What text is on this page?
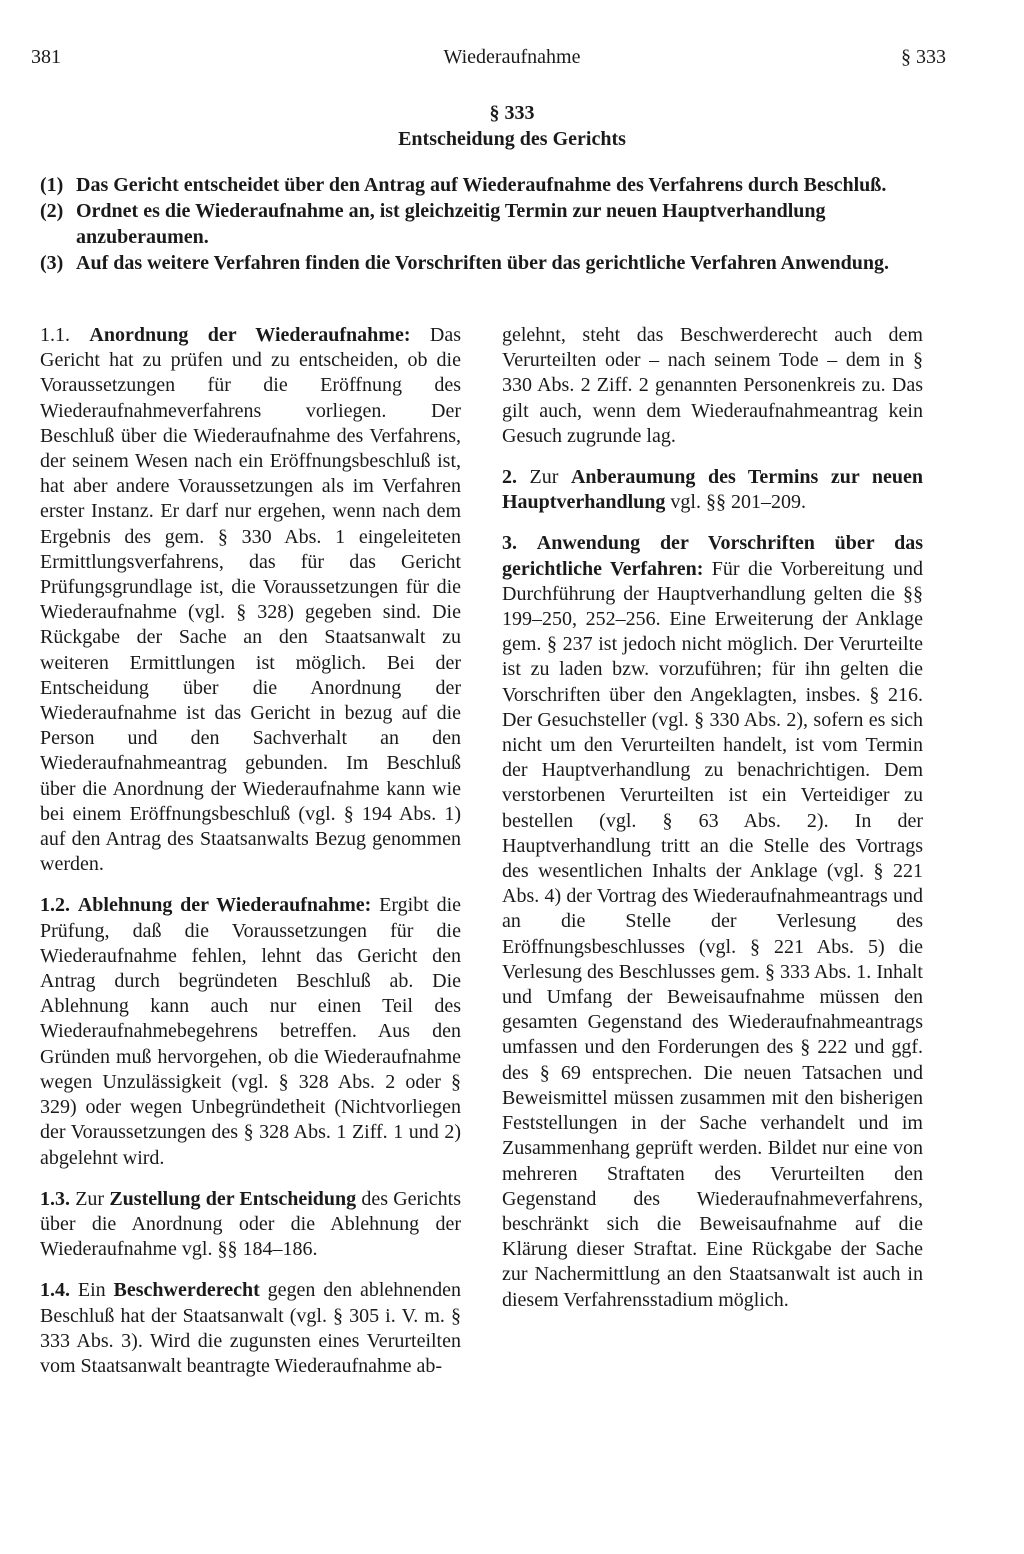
381	Wiederaufnahme	§ 333
§ 333
Entscheidung des Gerichts

(1) Das Gericht entscheidet über den Antrag auf Wiederaufnahme des Verfahrens durch Beschluß.

(2) Ordnet es die Wiederaufnahme an, ist gleichzeitig Termin zur neuen Hauptverhandlung anzuberaumen.

(3) Auf das weitere Verfahren finden die Vorschriften über das gerichtliche Verfahren Anwendung.

1.1. Anordnung der Wiederaufnahme: Das Gericht hat zu prüfen und zu entscheiden, ob die Voraussetzungen für die Eröffnung des Wiederaufnahmeverfahrens vorliegen. Der Beschluß über die Wiederaufnahme des Verfahrens, der seinem Wesen nach ein Eröffnungsbeschluß ist, hat aber andere Voraussetzungen als im Verfahren erster Instanz. Er darf nur ergehen, wenn nach dem Ergebnis des gem. § 330 Abs. 1 eingeleiteten Ermittlungsverfahrens, das für das Gericht Prüfungsgrundlage ist, die Voraussetzungen für die Wiederaufnahme (vgl. § 328) gegeben sind. Die Rückgabe der Sache an den Staatsanwalt zu weiteren Ermittlungen ist möglich. Bei der Entscheidung über die Anordnung der Wiederaufnahme ist das Gericht in bezug auf die Person und den Sachverhalt an den Wiederaufnahmeantrag gebunden. Im Beschluß über die Anordnung der Wiederaufnahme kann wie bei einem Eröffnungsbeschluß (vgl. § 194 Abs. 1) auf den Antrag des Staatsanwalts Bezug genommen werden.

1.2. Ablehnung der Wiederaufnahme: Ergibt die Prüfung, daß die Voraussetzungen für die Wiederaufnahme fehlen, lehnt das Gericht den Antrag durch begründeten Beschluß ab. Die Ablehnung kann auch nur einen Teil des Wiederaufnahmebegehrens betreffen. Aus den Gründen muß hervorgehen, ob die Wiederaufnahme wegen Unzulässigkeit (vgl. § 328 Abs. 2 oder § 329) oder wegen Unbegründetheit (Nichtvorliegen der Voraussetzungen des § 328 Abs. 1 Ziff. 1 und 2) abgelehnt wird.

1.3. Zur Zustellung der Entscheidung des Gerichts über die Anordnung oder die Ablehnung der Wiederaufnahme vgl. §§ 184–186.

1.4. Ein Beschwerderecht gegen den ablehnenden Beschluß hat der Staatsanwalt (vgl. § 305 i. V. m. § 333 Abs. 3). Wird die zugunsten eines Verurteilten vom Staatsanwalt beantragte Wiederaufnahme ab-

gelehnt, steht das Beschwerderecht auch dem Verurteilten oder – nach seinem Tode – dem in § 330 Abs. 2 Ziff. 2 genannten Personenkreis zu. Das gilt auch, wenn dem Wiederaufnahmeantrag kein Gesuch zugrunde lag.

2. Zur Anberaumung des Termins zur neuen Hauptverhandlung vgl. §§ 201–209.

3. Anwendung der Vorschriften über das gerichtliche Verfahren: Für die Vorbereitung und Durchführung der Hauptverhandlung gelten die §§ 199–250, 252–256. Eine Erweiterung der Anklage gem. § 237 ist jedoch nicht möglich. Der Verurteilte ist zu laden bzw. vorzuführen; für ihn gelten die Vorschriften über den Angeklagten, insbes. § 216. Der Gesuchsteller (vgl. § 330 Abs. 2), sofern es sich nicht um den Verurteilten handelt, ist vom Termin der Hauptverhandlung zu benachrichtigen. Dem verstorbenen Verurteilten ist ein Verteidiger zu bestellen (vgl. § 63 Abs. 2). In der Hauptverhandlung tritt an die Stelle des Vortrags des wesentlichen Inhalts der Anklage (vgl. § 221 Abs. 4) der Vortrag des Wiederaufnahmeantrags und an die Stelle der Verlesung des Eröffnungsbeschlusses (vgl. § 221 Abs. 5) die Verlesung des Beschlusses gem. § 333 Abs. 1. Inhalt und Umfang der Beweisaufnahme müssen den gesamten Gegenstand des Wiederaufnahmeantrags umfassen und den Forderungen des § 222 und ggf. des § 69 entsprechen. Die neuen Tatsachen und Beweismittel müssen zusammen mit den bisherigen Feststellungen in der Sache verhandelt und im Zusammenhang geprüft werden. Bildet nur eine von mehreren Straftaten des Verurteilten den Gegenstand des Wiederaufnahmeverfahrens, beschränkt sich die Beweisaufnahme auf die Klärung dieser Straftat. Eine Rückgabe der Sache zur Nachermittlung an den Staatsanwalt ist auch in diesem Verfahrensstadium möglich.
